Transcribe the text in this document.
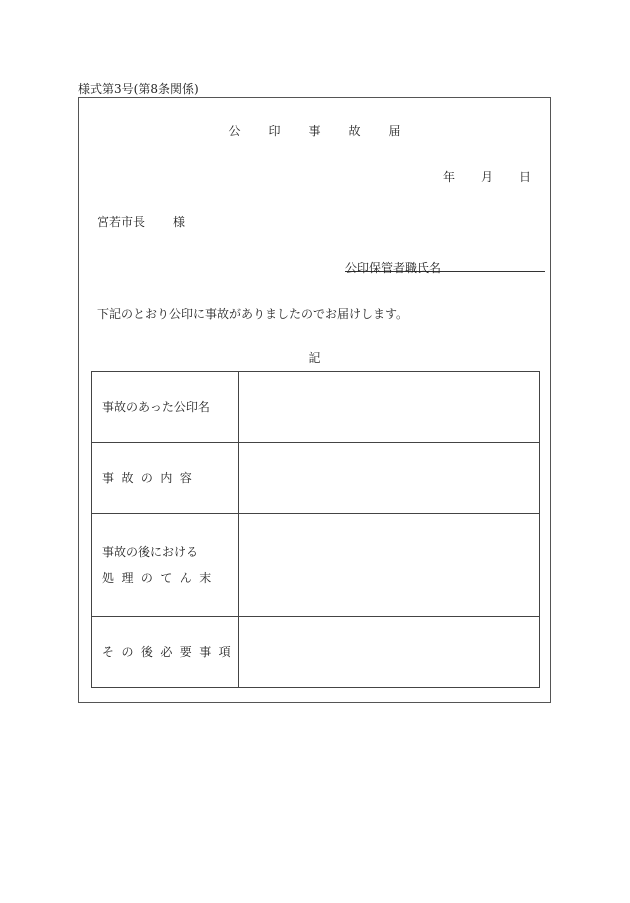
様式第3号(第8条関係)
公 印 事 故 届
年 月 日
宮若市長 様
公印保管者職氏名
下記のとおり公印に事故がありましたのでお届けします。
記
事故のあった公印名	
事故の内容	

事故の後における
処理のてん末	

その後必要事項	
